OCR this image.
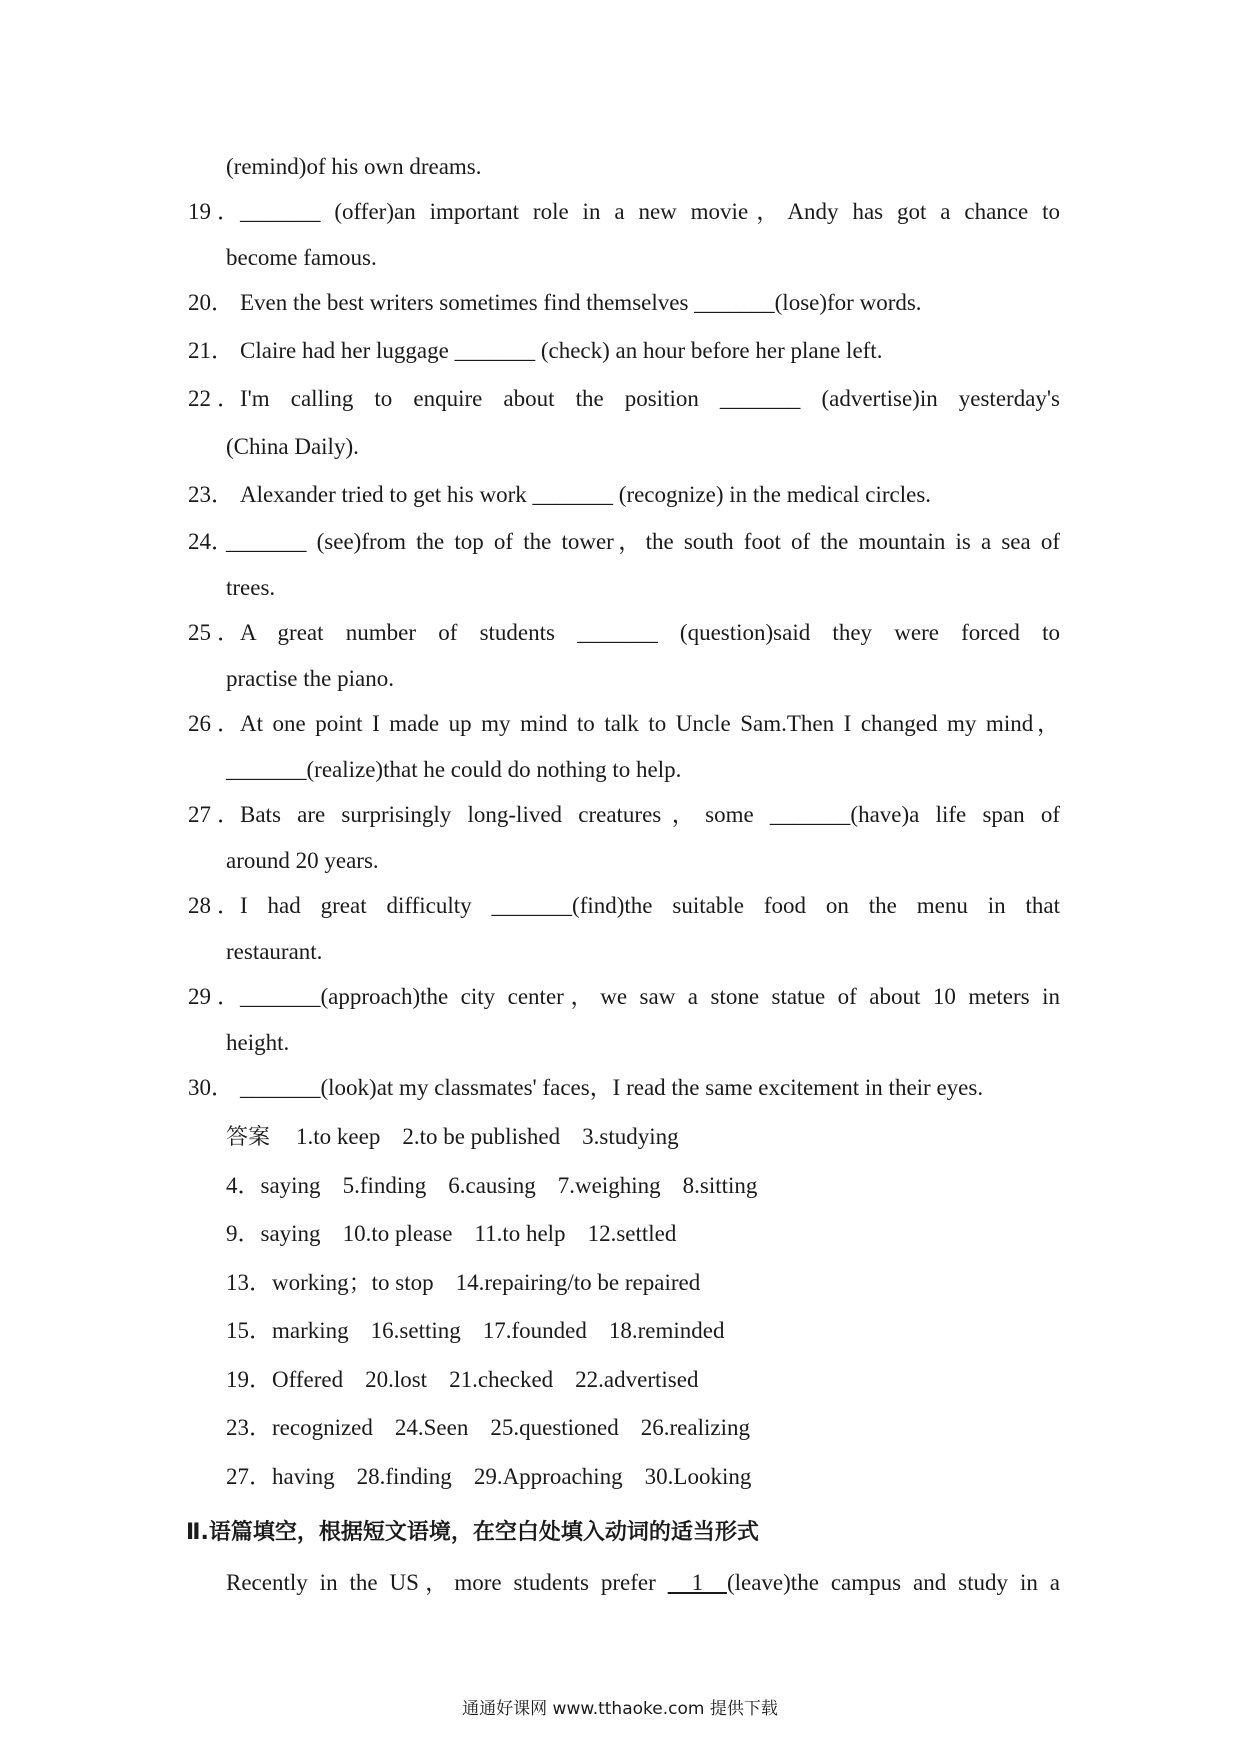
(remind)of his own dreams.
19．_______ (offer)an important role in a new movie，Andy has got a chance to
become famous.
20． Even the best writers sometimes find themselves _______(lose)for words.
21． Claire had her luggage _______ (check) an hour before her plane left.
22．I'm calling to enquire about the position _______ (advertise)in yesterday's
(China Daily).
23． Alexander tried to get his work _______ (recognize) in the medical circles.
24．_______ (see)from the top of the tower，the south foot of the mountain is a sea of
trees.
25．A great number of students _______ (question)said they were forced to
practise the piano.
26．At one point I made up my mind to talk to Uncle Sam.Then I changed my mind，
_______(realize)that he could do nothing to help.
27．Bats are surprisingly long-lived creatures，some _______(have)a life span of
around 20 years.
28．I had great difficulty _______(find)the suitable food on the menu in that
restaurant.
29．_______(approach)the city center，we saw a stone statue of about 10 meters in
height.
30． _______(look)at my classmates' faces，I read the same excitement in their eyes.
答案 1.to keep 2.to be published 3.studying
4．saying 5.finding 6.causing 7.weighing 8.sitting
9．saying 10.to please 11.to help 12.settled
13．working；to stop 14.repairing/to be repaired
15．marking 16.setting 17.founded 18.reminded
19．Offered 20.lost 21.checked 22.advertised
23．recognized 24.Seen 25.questioned 26.realizing
27．having 28.finding 29.Approaching 30.Looking
Ⅱ.语篇填空，根据短文语境，在空白处填入动词的适当形式
Recently in the US，more students prefer   1  (leave)the campus and study in a
通通好课网 www.tthaoke.com 提供下载
